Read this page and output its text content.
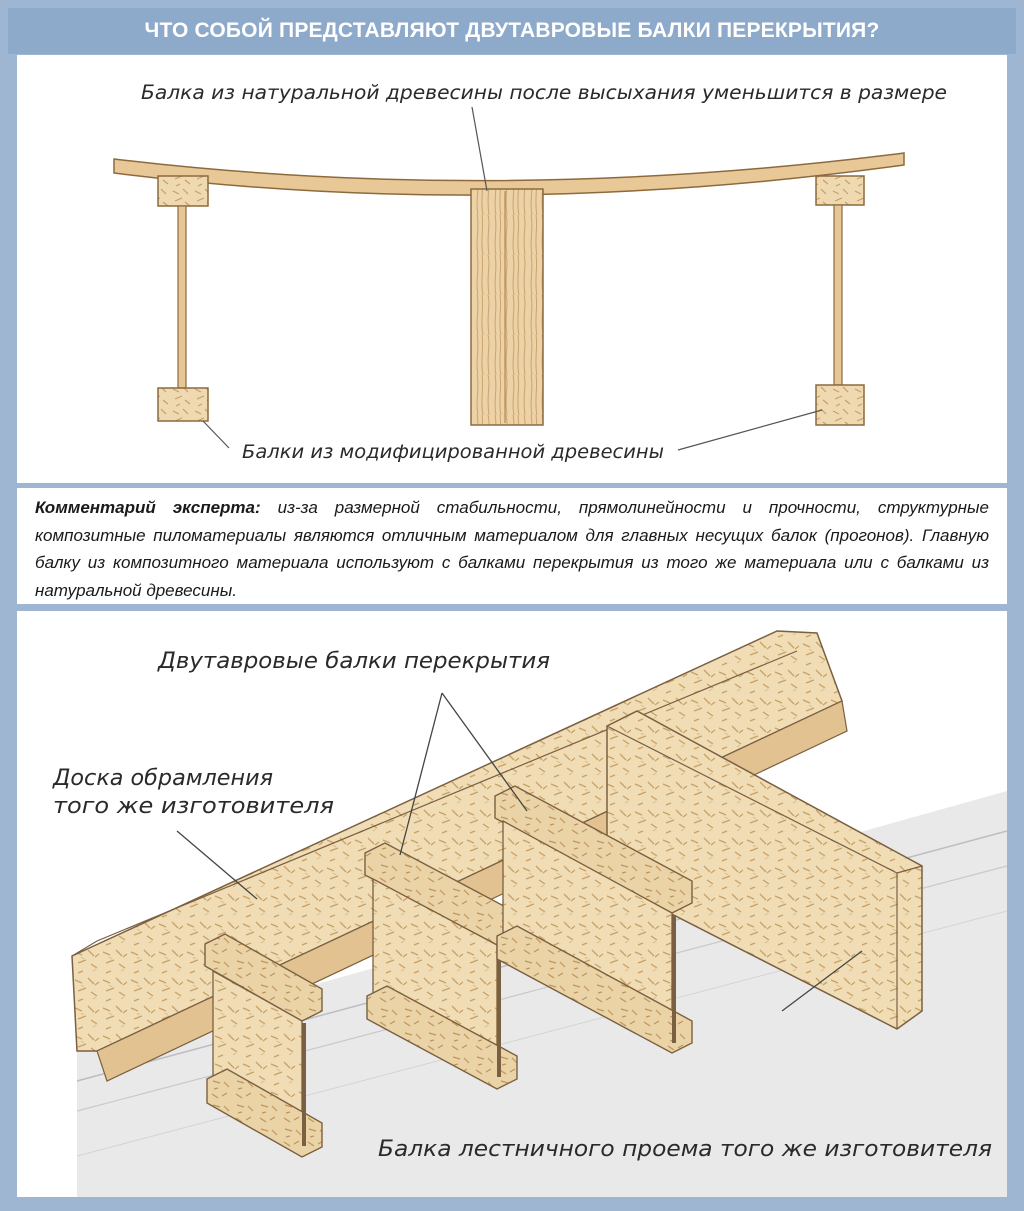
ЧТО СОБОЙ ПРЕДСТАВЛЯЮТ ДВУТАВРОВЫЕ БАЛКИ ПЕРЕКРЫТИЯ?
Балка из натуральной древесины после высыхания уменьшится в размере
Балки из модифицированной древесины

Комментарий эксперта: из-за размерной стабильности, прямолинейности и прочности, структурные композитные пиломатериалы являются отличным материалом для главных несущих балок (прогонов). Главную балку из композитного материала используют с балками перекрытия из того же материала или с балками из натуральной древесины.

Двутавровые балки перекрытия
Доска обрамления
того же изготовителя
Балка лестничного проема того же изготовителя
